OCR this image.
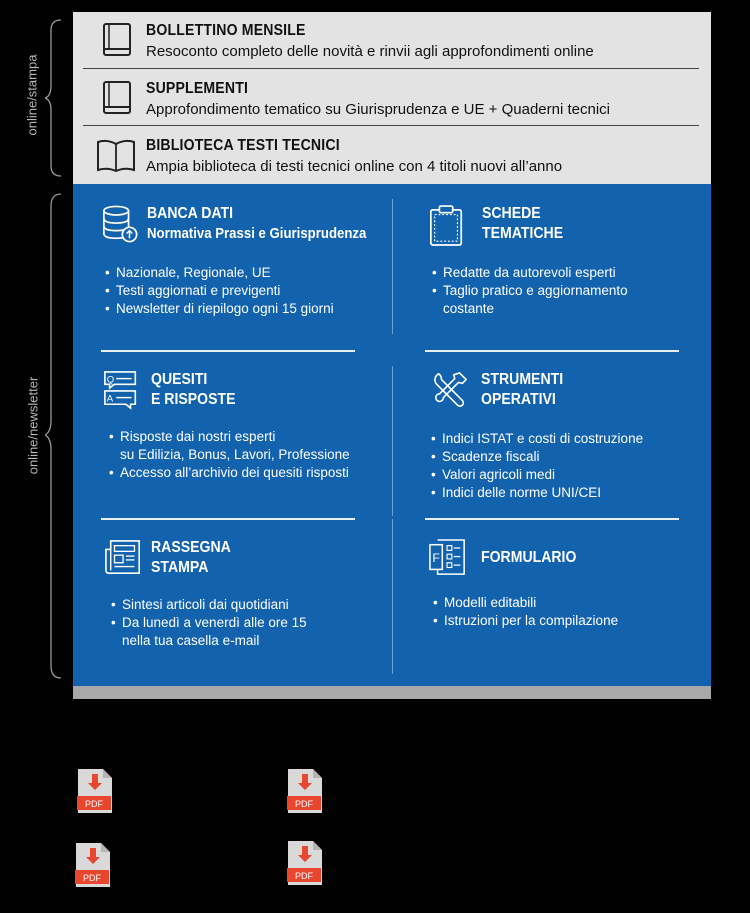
online/stampa
online/newsletter
BOLLETTINO MENSILE
Resoconto completo delle novità e rinvii agli approfondimenti online
SUPPLEMENTI
Approfondimento tematico su Giurisprudenza e UE + Quaderni tecnici
BIBLIOTECA TESTI TECNICI
Ampia biblioteca di testi tecnici online con 4 titoli nuovi all’anno
BANCA DATI
Normativa Prassi e Giurisprudenza
• Nazionale, Regionale, UE
• Testi aggiornati e previgenti
• Newsletter di riepilogo ogni 15 giorni
SCHEDE
TEMATICHE
• Redatte da autorevoli esperti
• Taglio pratico e aggiornamento
costante
Q
A
QUESITI
E RISPOSTE
• Risposte dai nostri esperti
su Edilizia, Bonus, Lavori, Professione
• Accesso all’archivio dei quesiti risposti
STRUMENTI
OPERATIVI
• Indici ISTAT e costi di costruzione
• Scadenze fiscali
• Valori agricoli medi
• Indici delle norme UNI/CEI
RASSEGNA
STAMPA
• Sintesi articoli dai quotidiani
• Da lunedì a venerdì alle ore 15
nella tua casella e-mail
F	FORMULARIO
• Modelli editabili
• Istruzioni per la compilazione
PDF	PDF
PDF	PDF
